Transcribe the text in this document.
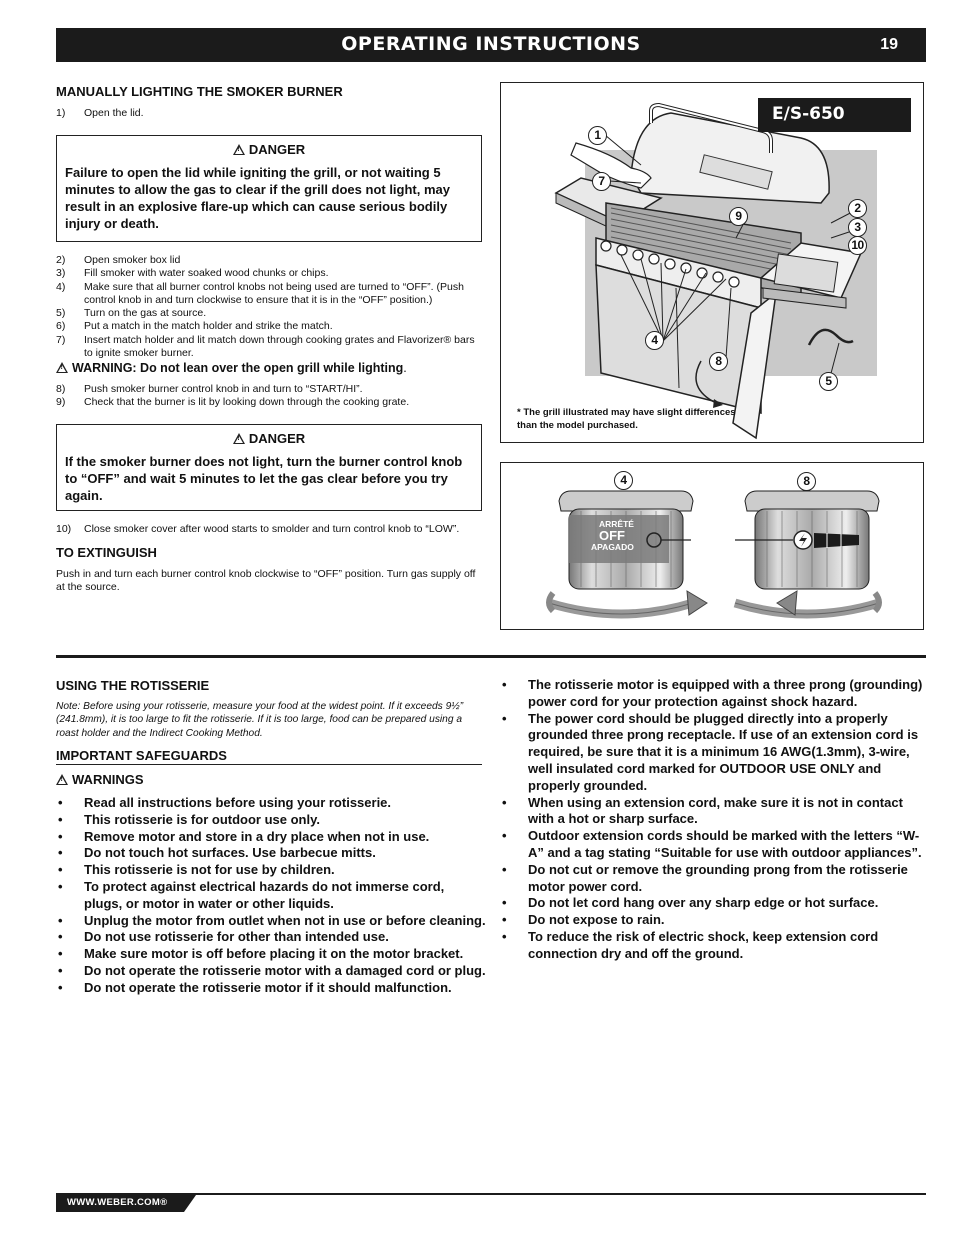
OPERATING INSTRUCTIONS	19
MANUALLY LIGHTING THE SMOKER BURNER
1) Open the lid.
!DANGER
Failure to open the lid while igniting the grill, or not waiting 5 minutes to allow the gas to clear if the grill does not light, may result in an explosive flare-up which can cause serious bodily injury or death.
2) Open smoker box lid
3) Fill smoker with water soaked wood chunks or chips.
4) Make sure that all burner control knobs not being used are turned to “OFF”. (Push control knob in and turn clockwise to ensure that it is in the “OFF” position.)
5) Turn on the gas at source.
6) Put a match in the match holder and strike the match.
7) Insert match holder and lit match down through cooking grates and Flavorizer® bars to ignite smoker burner.
!WARNING: Do not lean over the open grill while lighting.
8) Push smoker burner control knob in and turn to “START/HI”.
9) Check that the burner is lit by looking down through the cooking grate.
!DANGER
If the smoker burner does not light, turn the burner control knob to “OFF” and wait 5 minutes to let the gas clear before you try again.
10) Close smoker cover after wood starts to smolder and turn control knob to “LOW”.
TO EXTINGUISH
Push in and turn each burner control knob clockwise to “OFF” position. Turn gas supply off at the source.
E/S-650
* The grill illustrated may have slight differences than the model purchased.
ARRÊTÉ
OFF
APAGADO
1
7
9
2
3
10
4
8
5
4	8
USING THE ROTISSERIE
Note: Before using your rotisserie, measure your food at the widest point. If it exceeds 9½” (241.8mm), it is too large to fit the rotisserie. If it is too large, food can be prepared using a roast holder and the Indirect Cooking Method.
IMPORTANT SAFEGUARDS
!WARNINGS
• Read all instructions before using your rotisserie.
• This rotisserie is for outdoor use only.
• Remove motor and store in a dry place when not in use.
• Do not touch hot surfaces. Use barbecue mitts.
• This rotisserie is not for use by children.
• To protect against electrical hazards do not immerse cord, plugs, or motor in water or other liquids.
• Unplug the motor from outlet when not in use or before cleaning.
• Do not use rotisserie for other than intended use.
• Make sure motor is off before placing it on the motor bracket.
• Do not operate the rotisserie motor with a damaged cord or plug.
• Do not operate the rotisserie motor if it should malfunction.
• The rotisserie motor is equipped with a three prong (grounding) power cord for your protection against shock hazard.
• The power cord should be plugged directly into a properly grounded three prong receptacle. If use of an extension cord is required, be sure that it is a minimum 16 AWG(1.3mm), 3-wire, well insulated cord marked for OUTDOOR USE ONLY and properly grounded.
• When using an extension cord, make sure it is not in contact with a hot or sharp surface.
• Outdoor extension cords should be marked with the letters “W-A” and a tag stating “Suitable for use with outdoor appliances”.
• Do not cut or remove the grounding prong from the rotisserie motor power cord.
• Do not let cord hang over any sharp edge or hot surface.
• Do not expose to rain.
• To reduce the risk of electric shock, keep extension cord connection dry and off the ground.
WWW.WEBER.COM®
